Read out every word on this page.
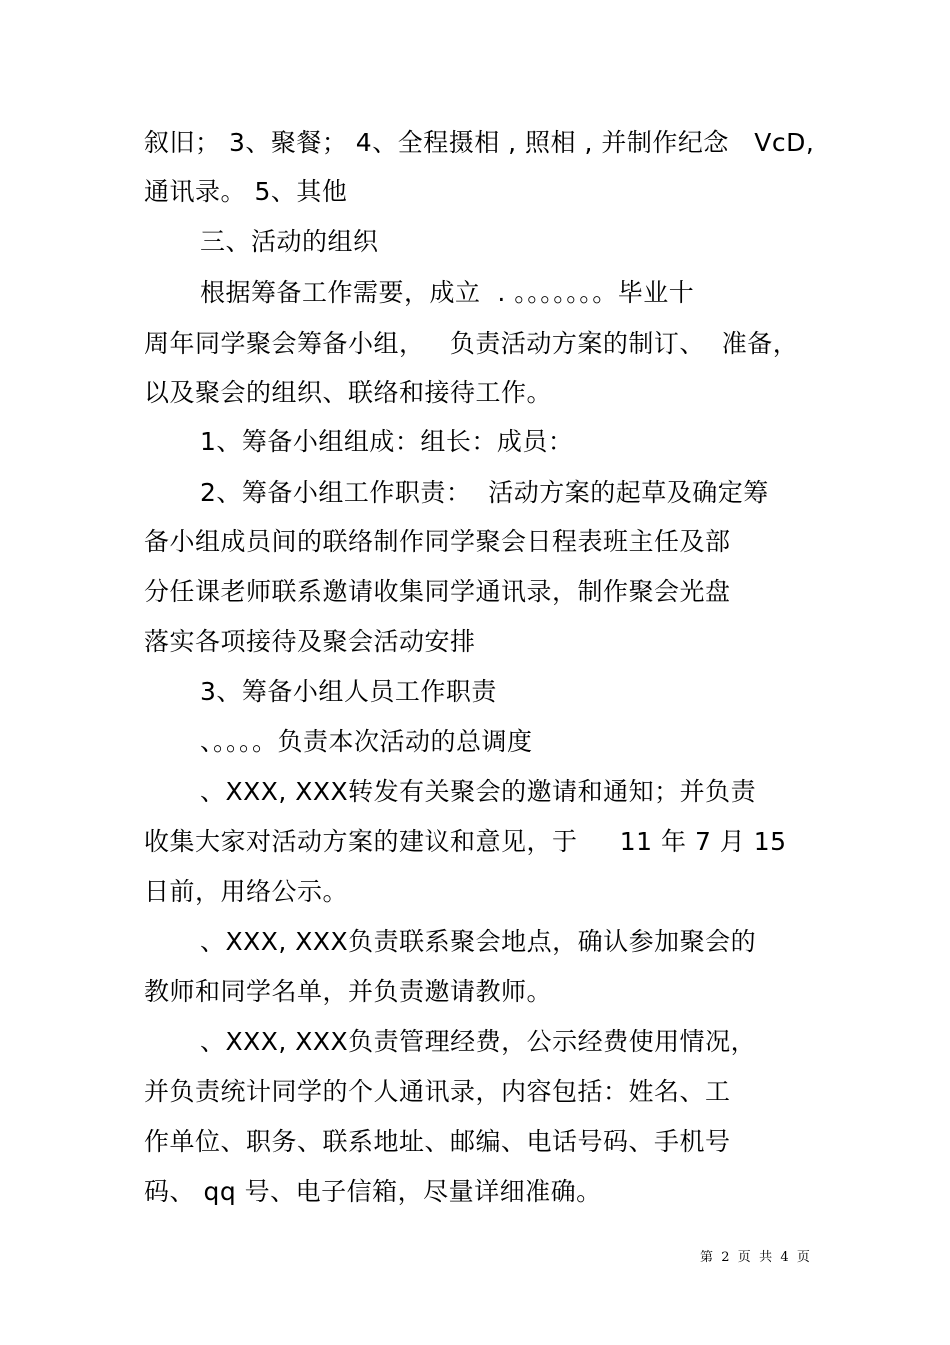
叙旧； 3、聚餐； 4、全程摄相 , 照相 , 并制作纪念   VcD,
通讯录。 5、其他
三、活动的组织
根据筹备工作需要，成立  . 。。。。。。。毕业十
周年同学聚会筹备小组，   负责活动方案的制订、  准备，
以及聚会的组织、联络和接待工作。
1、筹备小组组成：组长：成员：
2、筹备小组工作职责：  活动方案的起草及确定筹
备小组成员间的联络制作同学聚会日程表班主任及部
分任课老师联系邀请收集同学通讯录，制作聚会光盘
落实各项接待及聚会活动安排
3、筹备小组人员工作职责
、。。。。负责本次活动的总调度
、XXX, XXX转发有关聚会的邀请和通知；并负责
收集大家对活动方案的建议和意见，于     11 年 7 月 15
日前，用络公示。
、XXX, XXX负责联系聚会地点，确认参加聚会的
教师和同学名单，并负责邀请教师。
、XXX, XXX负责管理经费，公示经费使用情况，
并负责统计同学的个人通讯录，内容包括：姓名、工
作单位、职务、联系地址、邮编、电话号码、手机号
码、 qq 号、电子信箱，尽量详细准确。
第  2  页  共  4  页
